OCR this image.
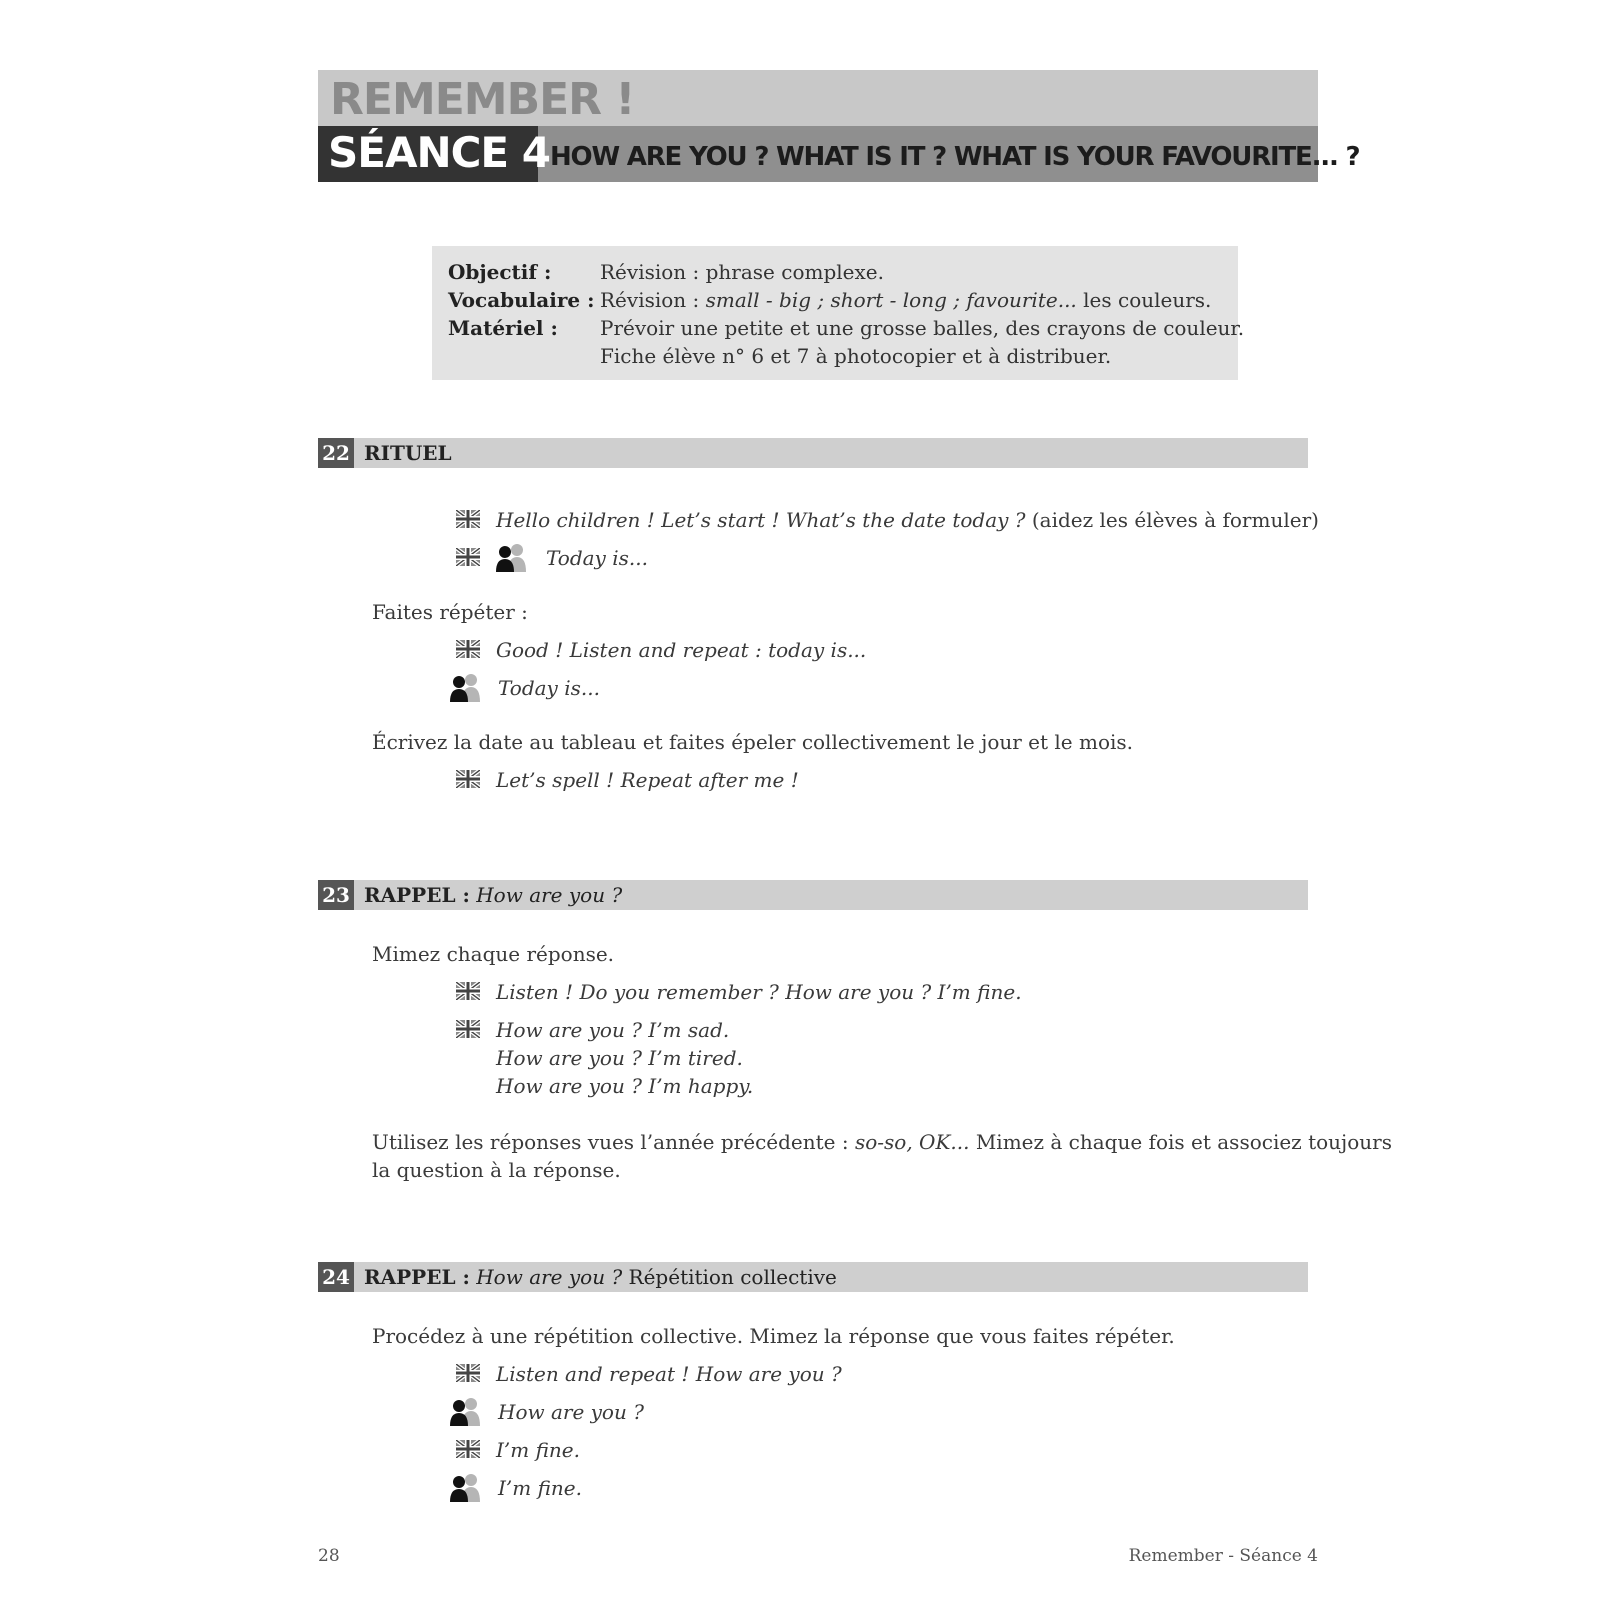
REMEMBER !
SÉANCE 4 HOW ARE YOU ? WHAT IS IT ? WHAT IS YOUR FAVOURITE... ?
Objectif : Révision : phrase complexe.
Vocabulaire : Révision : small - big ; short - long ; favourite... les couleurs.
Matériel : Prévoir une petite et une grosse balles, des crayons de couleur.
Fiche élève n° 6 et 7 à photocopier et à distribuer.
22 RITUEL
Hello children ! Let’s start ! What’s the date today ? (aidez les élèves à formuler)
Today is...
Faites répéter :
Good ! Listen and repeat : today is...
Today is...
Écrivez la date au tableau et faites épeler collectivement le jour et le mois.
Let’s spell ! Repeat after me !
23 RAPPEL : How are you ?
Mimez chaque réponse.
Listen ! Do you remember ? How are you ? I’m fine.
How are you ? I’m sad.
How are you ? I’m tired.
How are you ? I’m happy.
Utilisez les réponses vues l’année précédente : so-so, OK... Mimez à chaque fois et associez toujours
la question à la réponse.
24 RAPPEL : How are you ? Répétition collective
Procédez à une répétition collective. Mimez la réponse que vous faites répéter.
Listen and repeat ! How are you ?
How are you ?
I’m fine.
I’m fine.
28	Remember - Séance 4
